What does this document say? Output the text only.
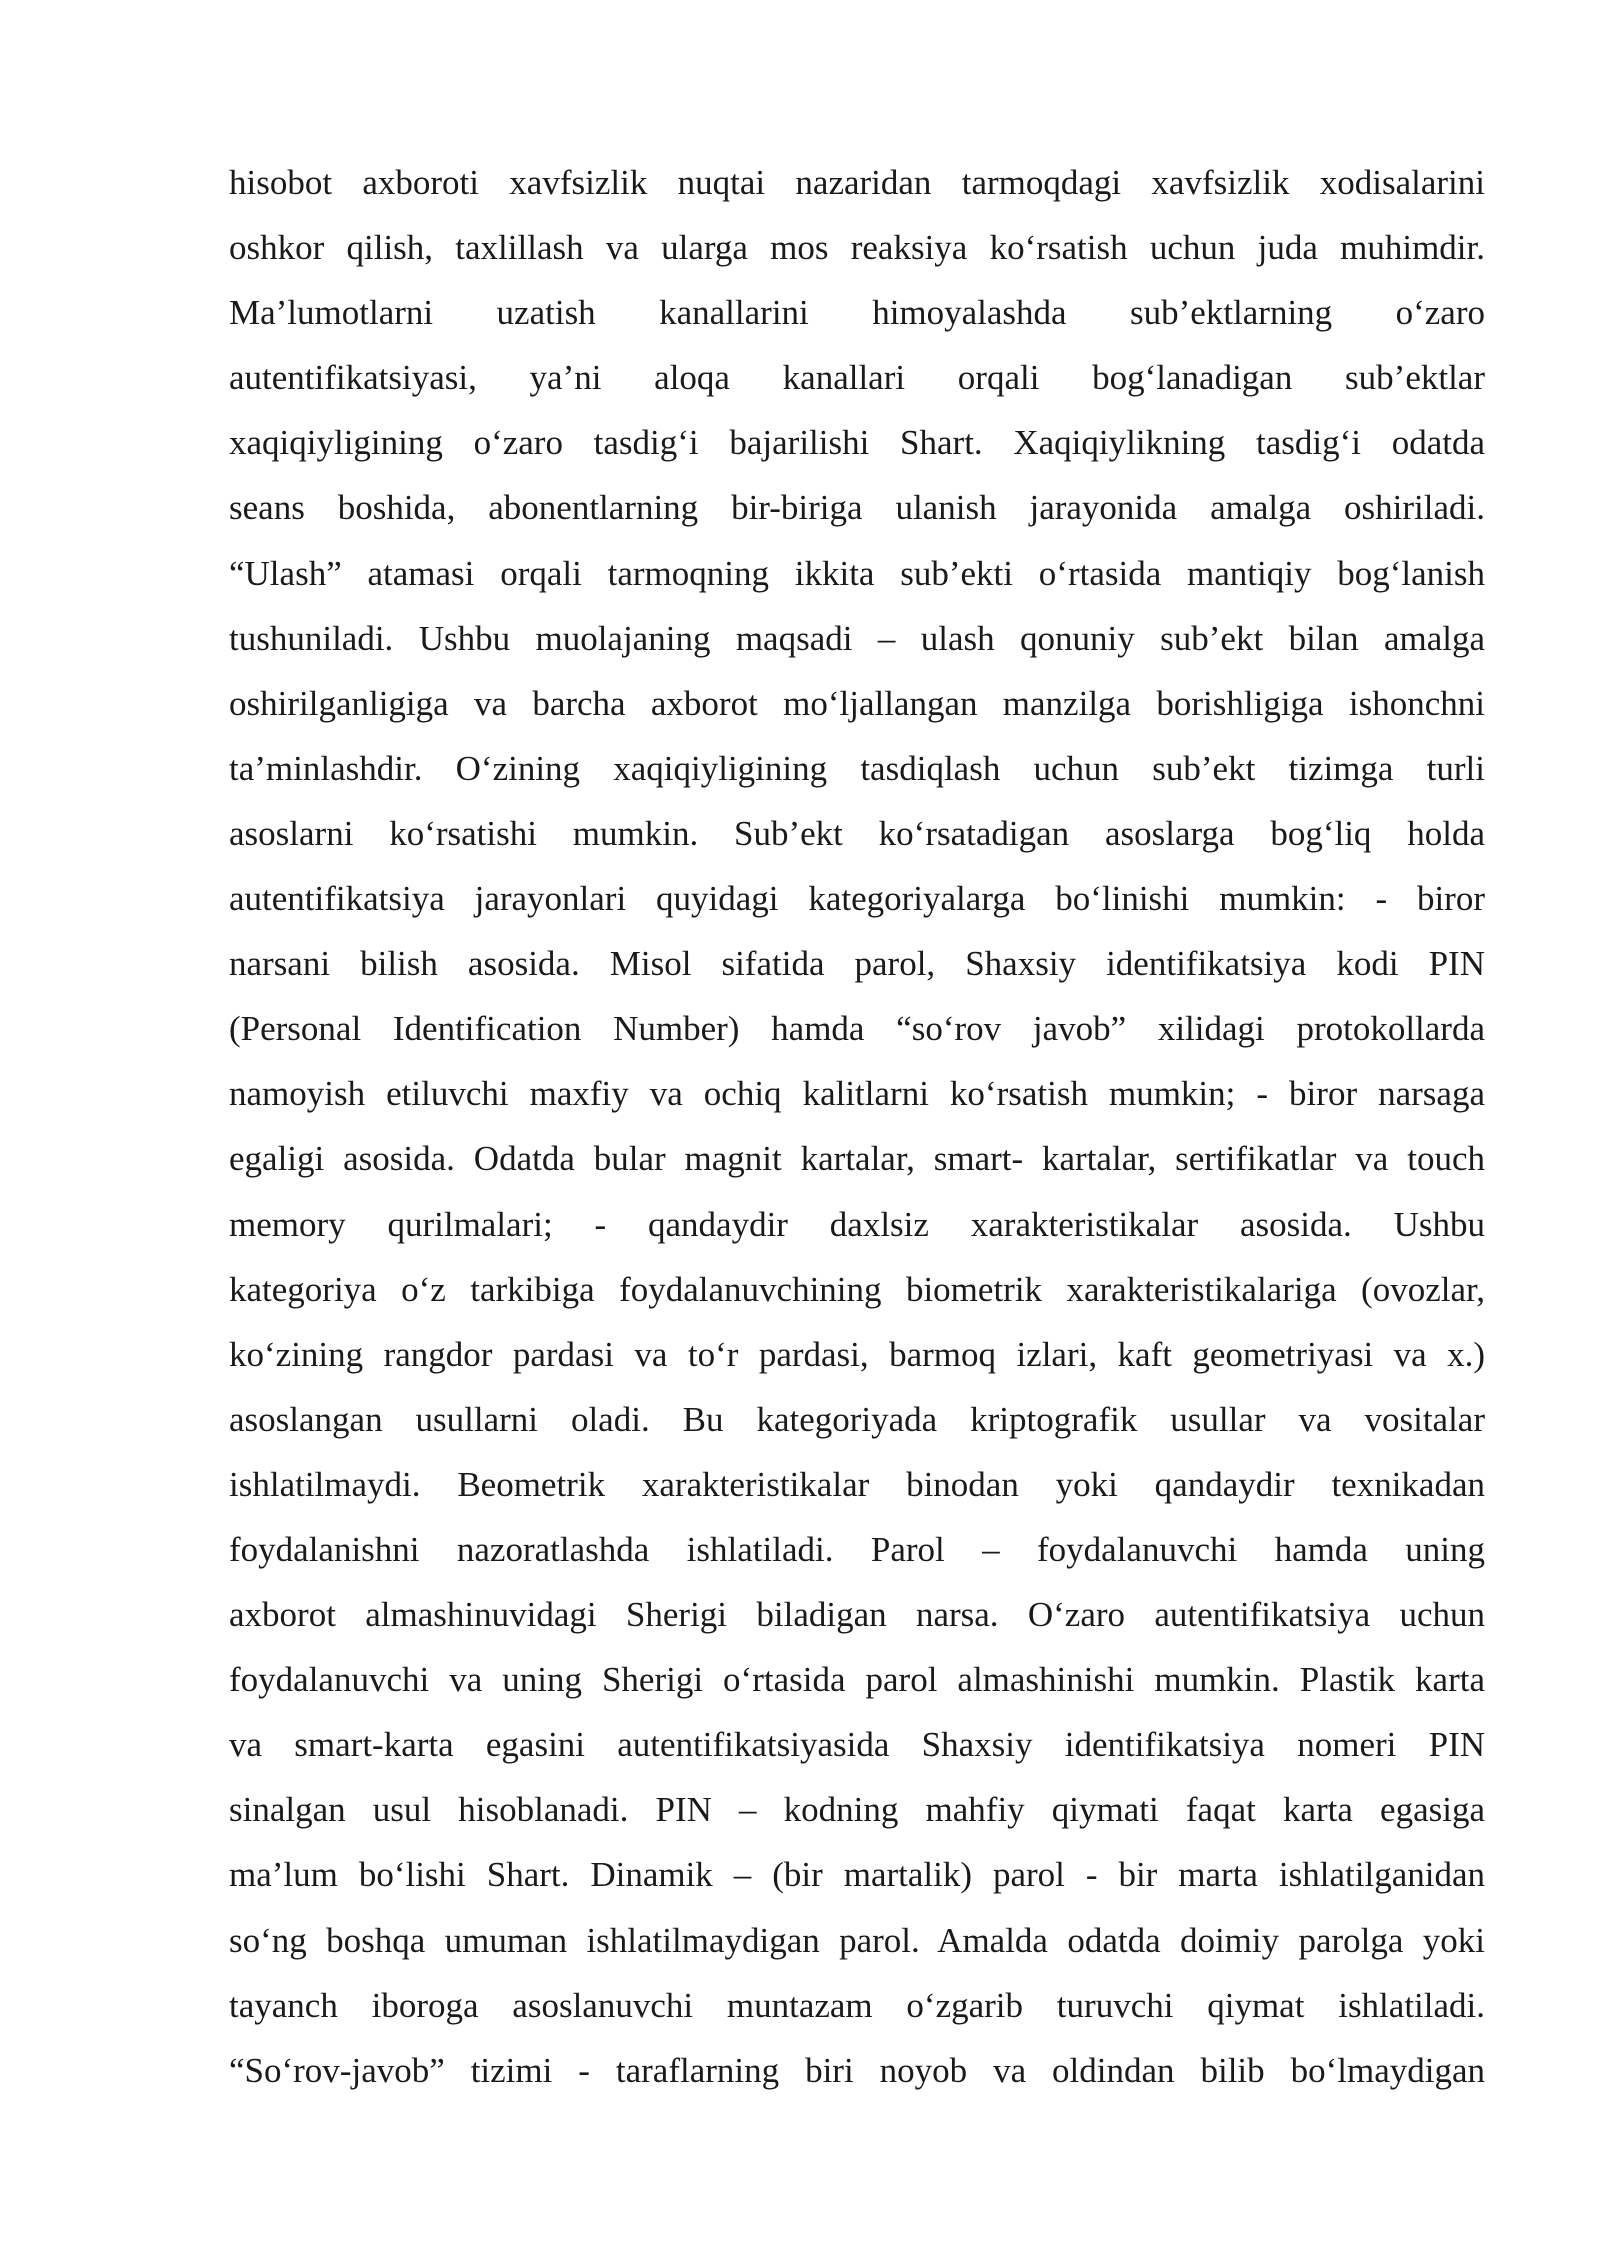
hisobot axboroti xavfsizlik nuqtai nazaridan tarmoqdagi xavfsizlik xodisalarini
oshkor qilish, taxlillash va ularga mos reaksiya ko‘rsatish uchun juda muhimdir.
Ma’lumotlarni uzatish kanallarini himoyalashda sub’ektlarning o‘zaro
autentifikatsiyasi, ya’ni aloqa kanallari orqali bog‘lanadigan sub’ektlar
xaqiqiyligining o‘zaro tasdig‘i bajarilishi Shart. Xaqiqiylikning tasdig‘i odatda
seans boshida, abonentlarning bir-biriga ulanish jarayonida amalga oshiriladi.
“Ulash” atamasi orqali tarmoqning ikkita sub’ekti o‘rtasida mantiqiy bog‘lanish
tushuniladi. Ushbu muolajaning maqsadi – ulash qonuniy sub’ekt bilan amalga
oshirilganligiga va barcha axborot mo‘ljallangan manzilga borishligiga ishonchni
ta’minlashdir. O‘zining xaqiqiyligining tasdiqlash uchun sub’ekt tizimga turli
asoslarni ko‘rsatishi mumkin. Sub’ekt ko‘rsatadigan asoslarga bog‘liq holda
autentifikatsiya jarayonlari quyidagi kategoriyalarga bo‘linishi mumkin: - biror
narsani bilish asosida. Misol sifatida parol, Shaxsiy identifikatsiya kodi PIN
(Personal Identification Number) hamda “so‘rov javob” xilidagi protokollarda
namoyish etiluvchi maxfiy va ochiq kalitlarni ko‘rsatish mumkin; - biror narsaga
egaligi asosida. Odatda bular magnit kartalar, smart- kartalar, sertifikatlar va touch
memory qurilmalari; - qandaydir daxlsiz xarakteristikalar asosida. Ushbu
kategoriya o‘z tarkibiga foydalanuvchining biometrik xarakteristikalariga (ovozlar,
ko‘zining rangdor pardasi va to‘r pardasi, barmoq izlari, kaft geometriyasi va x.)
asoslangan usullarni oladi. Bu kategoriyada kriptografik usullar va vositalar
ishlatilmaydi. Beometrik xarakteristikalar binodan yoki qandaydir texnikadan
foydalanishni nazoratlashda ishlatiladi. Parol – foydalanuvchi hamda uning
axborot almashinuvidagi Sherigi biladigan narsa. O‘zaro autentifikatsiya uchun
foydalanuvchi va uning Sherigi o‘rtasida parol almashinishi mumkin. Plastik karta
va smart-karta egasini autentifikatsiyasida Shaxsiy identifikatsiya nomeri PIN
sinalgan usul hisoblanadi. PIN – kodning mahfiy qiymati faqat karta egasiga
ma’lum bo‘lishi Shart. Dinamik – (bir martalik) parol - bir marta ishlatilganidan
so‘ng boshqa umuman ishlatilmaydigan parol. Amalda odatda doimiy parolga yoki
tayanch iboroga asoslanuvchi muntazam o‘zgarib turuvchi qiymat ishlatiladi.
“So‘rov-javob” tizimi - taraflarning biri noyob va oldindan bilib bo‘lmaydigan
